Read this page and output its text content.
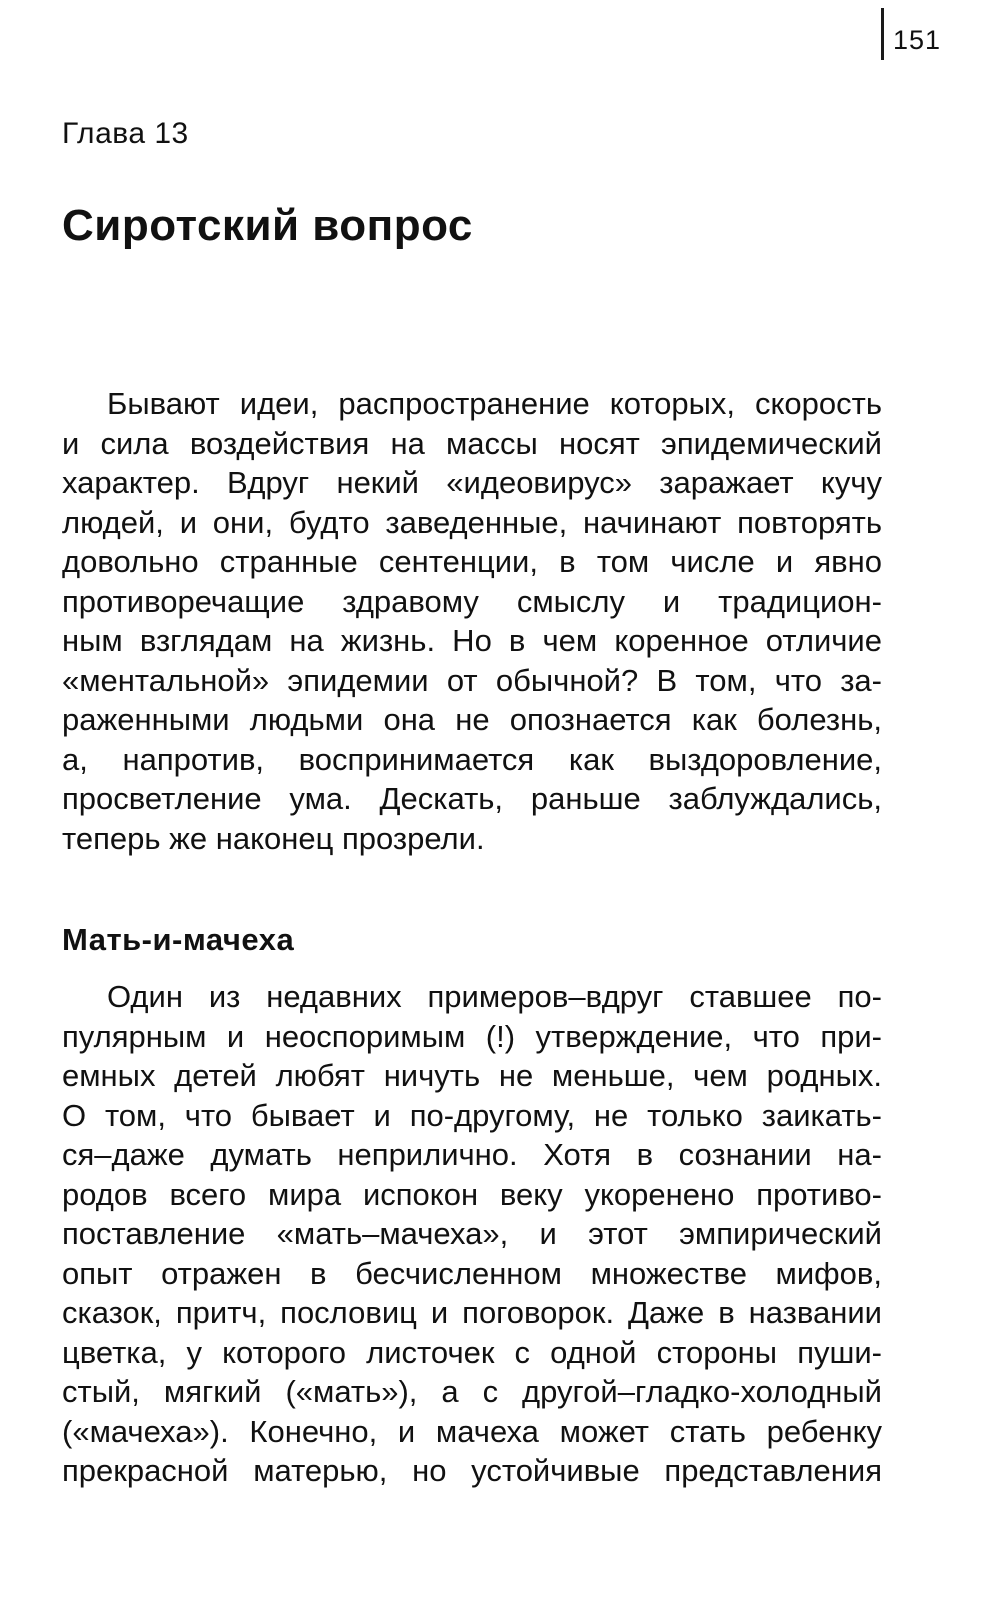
151
Глава 13
Сиротский вопрос
Бывают идеи, распространение которых, скорость
и сила воздействия на массы носят эпидемический
характер. Вдруг некий «идеовирус» заражает кучу
людей, и они, будто заведенные, начинают повторять
довольно странные сентенции, в том числе и явно
противоречащие здравому смыслу и традицион-
ным взглядам на жизнь. Но в чем коренное отличие
«ментальной» эпидемии от обычной? В том, что за-
раженными людьми она не опознается как болезнь,
а, напротив, воспринимается как выздоровление,
просветление ума. Дескать, раньше заблуждались,
теперь же наконец прозрели.
Мать-и-мачеха
Один из недавних примеров–вдруг ставшее по-
пулярным и неоспоримым (!) утверждение, что при-
емных детей любят ничуть не меньше, чем родных.
О том, что бывает и по-другому, не только заикать-
ся–даже думать неприлично. Хотя в сознании на-
родов всего мира испокон веку укоренено противо-
поставление «мать–мачеха», и этот эмпирический
опыт отражен в бесчисленном множестве мифов,
сказок, притч, пословиц и поговорок. Даже в названии
цветка, у которого листочек с одной стороны пуши-
стый, мягкий («мать»), а с другой–гладко-холодный
(«мачеха»). Конечно, и мачеха может стать ребенку
прекрасной матерью, но устойчивые представления
